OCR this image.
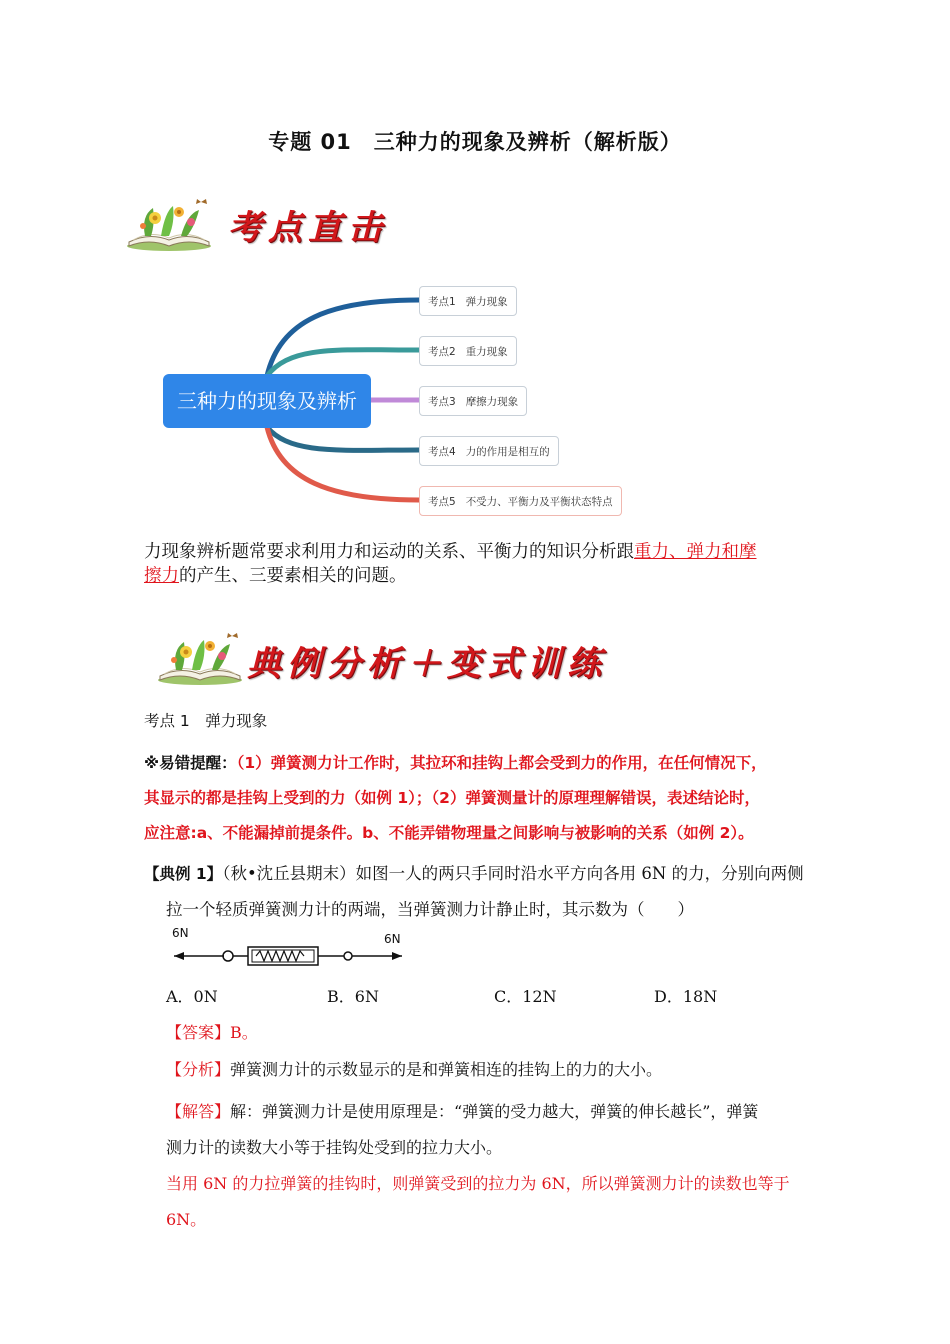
专题 01　三种力的现象及辨析（解析版）
考点直击
三种力的现象及辨析
考点1 弹力现象
考点2 重力现象
考点3 摩擦力现象
考点4 力的作用是相互的
考点5 不受力、平衡力及平衡状态特点
力现象辨析题常要求利用力和运动的关系、平衡力的知识分析跟重力、弹力和摩
擦力的产生、三要素相关的问题。
典例分析＋变式训练
考点 1　弹力现象
※易错提醒：（1）弹簧测力计工作时，其拉环和挂钩上都会受到力的作用，在任何情况下，
其显示的都是挂钩上受到的力（如例 1）；（2）弹簧测量计的原理理解错误，表述结论时，
应注意:a、不能漏掉前提条件。b、不能弄错物理量之间影响与被影响的关系（如例 2）。
【典例 1】（秋•沈丘县期末）如图一人的两只手同时沿水平方向各用 6N 的力，分别向两侧
拉一个轻质弹簧测力计的两端，当弹簧测力计静止时，其示数为（　　）
6N	6N
A．0N	B．6N	C．12N	D．18N
【答案】B。
【分析】弹簧测力计的示数显示的是和弹簧相连的挂钩上的力的大小。
【解答】解：弹簧测力计是使用原理是：“弹簧的受力越大，弹簧的伸长越长”，弹簧
测力计的读数大小等于挂钩处受到的拉力大小。
当用 6N 的力拉弹簧的挂钩时，则弹簧受到的拉力为 6N，所以弹簧测力计的读数也等于
6N。
